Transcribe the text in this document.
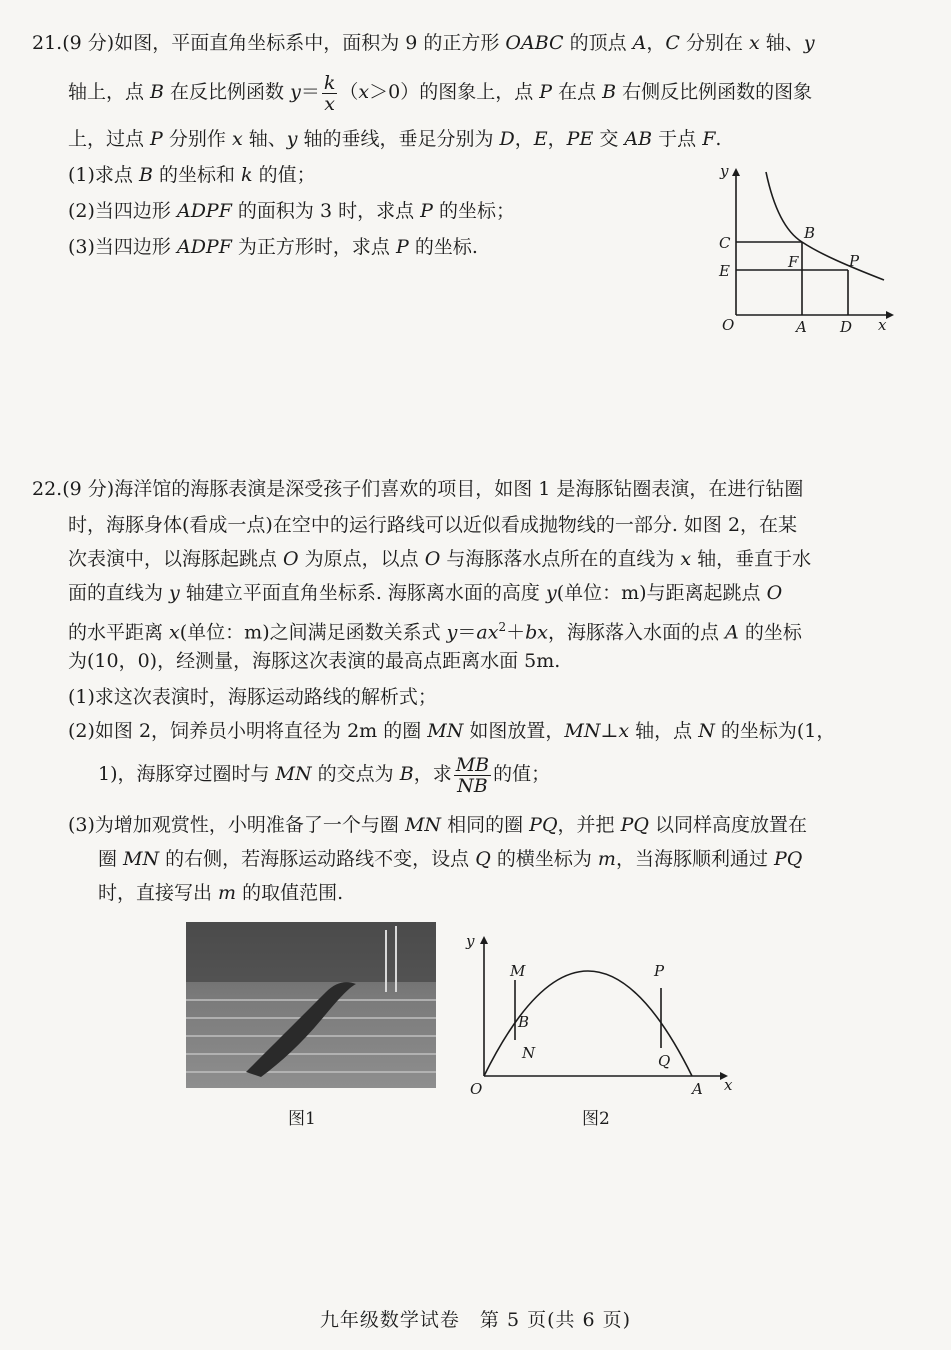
21.(9 分)如图，平面直角坐标系中，面积为 9 的正方形 OABC 的顶点 A，C 分别在 x 轴、y
轴上，点 B 在反比例函数 $y= \frac{k}{x} (x>0)$的图象上，点 P 在点 B 右侧反比例函数的图象
上，过点 P 分别作 x 轴、y 轴的垂线，垂足分别为 D，E，PE 交 AB 于点 F.
(1)求点 B 的坐标和 k 的值；
(2)当四边形 ADPF 的面积为 3 时，求点 P 的坐标；
(3)当四边形 ADPF 为正方形时，求点 P 的坐标.
y
x
O	A D
C
E
B
F	P
22.(9 分)海洋馆的海豚表演是深受孩子们喜欢的项目，如图 1 是海豚钻圈表演，在进行钻圈
时，海豚身体(看成一点)在空中的运行路线可以近似看成抛物线的一部分. 如图 2，在某
次表演中，以海豚起跳点 O 为原点，以点 O 与海豚落水点所在的直线为 x 轴，垂直于水
面的直线为 y 轴建立平面直角坐标系. 海豚离水面的高度 y(单位：m)与距离起跳点 O
的水平距离 x(单位：m)之间满足函数关系式 $y=ax^2+bx$，海豚落入水面的点 A 的坐标
为(10，0)，经测量，海豚这次表演的最高点距离水面 5m.
(1)求这次表演时，海豚运动路线的解析式；
(2)如图 2，饲养员小明将直径为 2m 的圈 MN 如图放置，MN⊥x 轴，点 N 的坐标为(1，
1)，海豚穿过圈时与 MN 的交点为 B，求 $\frac{MB}{NB}$ 的值；
(3)为增加观赏性，小明准备了一个与圈 MN 相同的圈 PQ，并把 PQ 以同样高度放置在
圈 MN 的右侧，若海豚运动路线不变，设点 Q 的横坐标为 m，当海豚顺利通过 PQ
时，直接写出 m 的取值范围.
图1
y
x
O	A
M
N
B
P
Q
图2
九年级数学试卷　第 5 页(共 6 页)
